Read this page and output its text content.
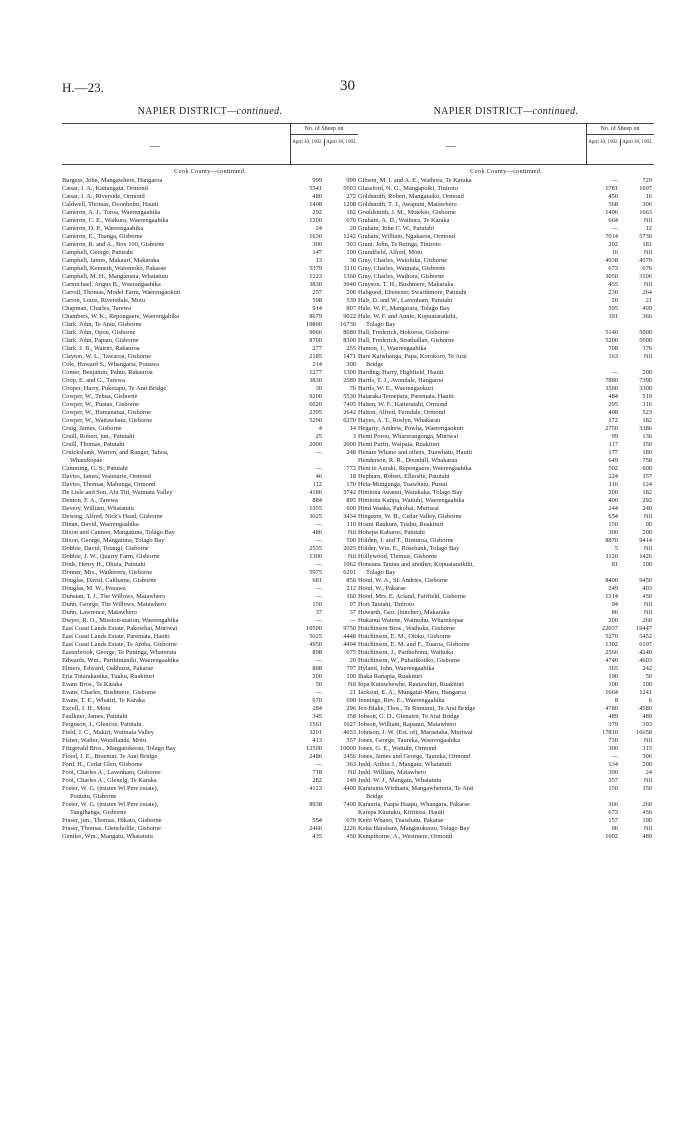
H.—23.	30
NAPIER DISTRICT—continued.
—
No. of Sheep on
April 30, 1902. April 30, 1903.
Cook County—continued.
Burgess, John, Mangawhere, Hangaroa	999	999
Cæsar, J. A., Kaitangata, Ormond	5541	5603
Cæsar, J. A., Riverside, Ormond	480	272
Caldwell, Thomas, Doonholm, Hauiti	1498	1208
Cameron, A. J., Toroa, Waerengaahika	292	182
Cameron, C. E., Waikura, Waerengaahika	1200	676
Cameron, D. P., Waerengaahika	24	20
Cameron, E., Toanga, Gisborne	1630	1242
Cameron, R. and A., Box 100, Gisborne	300	503
Campbell, George, Patutahi	147	100
Campbell, James, Makauri, Makaraka	13	38
Campbell, Kenneth, Waiomoko, Pakarae	5379	3116
Campbell, M. H., Mangamaia, Whatatutu	1223	1360
Carmichael, Angus B., Waerangaahika	3830	3940
Carroll, Thomas, Model Farm, Waerengaokuri	257	206
Carron, Louis, Riversdale, Motu	598	539
Chapman, Charles, Tarewa	914	807
Chambers, W. K., Repongaere, Waerengahika	8679	9022
Clark, John, Te Arau, Gisborne	19800	16730
Clark, John, Opou, Gisborne	9066	8680
Clark, John, Papatu, Gisborne	8700	8300
Clark, J. B., Wairiri, Rakauroa	277	255
Clayton, W. L., Tawaroa, Gisborne	2185	1471
Cole, Howard S., Whangaria, Pouawa	214	300
Comer, Benjamin, Pahui, Rakauroa	1277	1300
Coop, E. and G., Tarewa	3830	2589
Cooper, Harry, Puketapu, Te Arai Bridge	30	76
Cowper, W., Tehua, Gisborne	9200	5530
Cowper, W., Puatae, Gisborne	6020	7405
Cowper, W., Hamanatua, Gisborne	2395	2642
Cowper, W., Waitawhatu, Gisborne	5290	6270
Craig, James, Gisborne	4	14
Craill, Robert, jun., Patutahi	25	3
Craill, Thomas, Patutahi	2000	2000
Cruickshank, Warren, and Ranger, Tahoa,
Wharekopae
—	248
Cumming, G. S., Patutahi	—	772
Davies, James, Waimarie, Ormond	46	18
Davies, Thomas, Mahunga, Ormond	112	170
De Lisle and Son, Ahi Titi, Waimata Valley	4186	3742
Denton, F. A., Tarewa	884	895
Devery, William, Whatatutu	1355	600
Dewing, Alfred, Nick's Head, Gisborne	3025	3434
Dinan, David, Waerengaahika	—	110
Dixon and Cannon, Mangatuna, Tolago Bay	486	Nil
Dixon, George, Mangatuna, Tolago Bay	—	590
Dobbie, David, Totangi, Gisborne	2535	2025
Dobbie, J. W., Quarry Farm, Gisborne	1300	Nil
Dods, Henry H., Ohuia, Patutahi	—	1062
Donner, Mrs., Waikereru, Gisborne	5975	6291
Douglas, David, Calthame, Gisborne	681	856
Douglas, M. W., Pouawa	—	212
Dunstan, T. J., The Willows, Matawhero	—	160
Dunn, George, The Willows, Matawhero	150	97
Dunn, Lawrence, Matawhero	37	37
Dwyer, R. O., Mission-station, Waerengahika	—	—
East Coast Lands Estate, Pakowhai, Muriwai	10500	9750
East Coast Lands Estate, Paremata, Hauiti	5025	4448
East Coast Lands Estate, Te Aroha, Gisborne	4950	4494
Easterbrook, George, Te Puninga, Wharerata	898	675
Edwards, Wm., Parihimanihi, Waerengaahika	—	20
Elmers, Edward, Oakhurst, Pakarae	808	797
Eria Tutarakauika, Tuahu, Ruakituri	200	100
Evans Bros., Te Karaka	50	Nil
Evans, Charles, Bushmere, Gisborne	—	21
Evans, T. E., Whatiri, Te Karaka	670	690
Excell, J. H., Motu	184	296
Faulkner, James, Patutahi	345	358
Ferguson, J., Glencoe, Patutahi	1561	1627
Field, J. C., Makiri, Waimata Valley	3201	4033
Fisher, Walter, Woodlands, Motu	413	557
Fitzgerald Bros., Mangatokerau, Tolago Bay	12500	10000
Flood, J. E., Braemar, Te Arai Bridge	2486	2456
Ford, H., Cedar Glen, Gisborne	—	363
Foot, Charles A., Lavenham, Gisborne	718	Nil
Foot, Charles A., Glenelg, Te Karaka	282	149
Foster, W. G. (trustee Wi Pere estate),
Poututu, Gisborne
4123	4400
Foster, W. G. (trustee Wi Pere estate),
Tangihanga, Gisborne
8938	7400
Fraser, jun., Thomas, Hikato, Gisborne	554	679
Fraser, Thomas, Glencholile, Gisborne	2466	2226
Gentles, Wm., Mangatu, Whatatutu	435	450
NAPIER DISTRICT—continued.
—
No. of Sheep on
April 30, 1902. April 30, 1903.
Cook County—continued.
Gibson, M. I. and A. E., Waihora, Te Karaka	—	729
Glassford, N. G., Mangapoiki, Tiniroto	1781	1697
Goldsmith, Robert, Mangataiko, Ormond	450	16
Goldsmith, T. J., Awapuni, Matawhero	568	306
Gouldsmith, J. M., Motekio, Gisborne	1496	1663
Graham, A. D., Waihora, Te Karaka	664	Nil
Graham, John C. W., Patutahi	—	12
Graham, William, Ngakaroa, Ormond	7014	5730
Grant, John, Te Reinga, Tiniroto	202	181
Grandfield, Alfred, Motu	16	Nil
Gray, Charles, Waiohika, Gisborne	4938	4579
Gray, Charles, Waimata, Gisborne	673	676
Gray, Charles, Waihora, Gisborne	3050	3106
Grayson, T. H., Bushmere, Makaraka	455	Nil
Habgood, Ebenezer, Swarthmore, Patutahi	230	264
Hair, D. and W., Lavenham, Patutahi	20	21
Hale, W. F., Mangarara, Tolago Bay	595	499
Hale, W. F. and Annie, Kopuataraikihi,
Tolago Bay
391	366
Hall, Frederick, Hokoroa, Gisborne	5140	5000
Hall, Frederick, Strathallan, Gisborne	5200	5600
Hamon, J., Waerengaahika	708	376
Hare Kaiwhanga, Papa, Korokoro, Te Arai
Bridge
163	Nil
Harding, Harry, Highfield, Hauiti	—	200
Harris, T. J., Avondale, Hangaroa	7880	7390
Harris, W. E., Waerengaokuri	3500	3300
Hataraka Temepara, Paremata, Hauiti	484	519
Hatten, W. F., Kaiteratahi, Ormond	295	316
Hatton, Alfred, Ferndale, Ormond	498	523
Hayes, A. T., Roslyn, Whakarau	172	182
Hegarty, Andrew, Powha, Waerengaokuri	2750	3386
Hemi Porou, Wharerangonga, Muriwai	99	136
Hemi Puriri, Waipaia, Ruakituri	117	150
Henare Whano and others, Tuawhatu, Hauiti	177	180
Henderson, R. R., Doonhill, Whakarau	649	758
Heni te Auraki, Repongaere, Waerengaahika	502	600
Hepburn, Robert, Ellerslie, Patutahi	224	157
Heta-Mungunga, Tuawhatu, Pustai	116	124
Himiona Awanui, Waiukaka, Tolago Bay	200	182
Himiona Katipa, Waituhi, Waerengaahika	400	292
Himi Waaka, Pakohai, Muriwai	244	240
Hingston, W. B., Cedar Valley, Gisborne	654	Nil
Hoani Raukura, Tuahu, Ruakituri	150	90
Hohepa Kabaros, Patutahi	300	200
Holden, J. and T., Rimuroa, Gisborne	8870	9414
Holder, Wm. E., Rosebank, Tolago Bay	5	Nil
Hollywood, Thomas, Gisborne	1120	1426
Honeana Tautau and another, Kopuataraikihi,
Tolago Bay
81	100
Hood, W. A., St. Andries, Gisborne	8400	9450
Hood, W., Pakarae	249	403
Hood, Mrs. E. Acland, Fairfield, Gisborne	1314	450
Hori Tautahi, Tiniroto	94	Nil
Howarth, Geo. (butcher), Makaraka	86	Nil
Hukanui Watene, Waimohu, Wharekopae	200	260
Hutchinson Bros., Waihuka, Gisborne	22037	19447
Hutchinson, E. M., Otoko, Gisborne	5270	5452
Hutchinson, E. M. and F., Tuaroa, Gisborne	1302	6107
Hutchinson, J., Parihohonu, Waihuka	2566	4240
Hutchinson, W., Puhatikotiko, Gisborne	4740	4603
Hyland, John, Waerengaahika	365	242
Ihaka Ranapia, Ruakituri	190	50
Iopa Kurawhewhe, Rautawhiri, Ruakituri	100	100
Jackson, E. A., Mungatai-Maru, Hangaroa	1664	1241
Jennings, Rev. E., Waerengaahika	8	6
Jex-Blake, Thos., Te Rimunui, Te Arai Bridge	4780	4580
Jobson, G. D., Glenairn, Te Arai Bridge	489	489
Jobson, William, Rapanui, Matawhero	379	393
Johnson, J. W. (Est. of), Maraetaha, Muriwai	17810	16658
Jones, George, Taureka, Waerengaahika	730	Nil
Jones, G. E., Waituhi, Ormond	300	315
Jones, James and George, Taureka, Ormond	—	506
Judd, Arthur J., Mangatu, Whatatutu	134	200
Judd, William, Matawhero	390	24
Judd, W. J., Mangatu, Whatatutu	357	Nil
Kararaina Wirihana, Mangawhereria, Te Arai
Bridge
150	150
Karauria, Paapa Haapu, Whangara, Pakarae	366	260
Karepa Kautuku, Kiritiroa, Hauiti	673	456
Keeti Whano, Tuawhatu, Pakarae	157	190
Keita Harabara, Mangatokerau, Tolago Bay	96	Nil
Kempthorne, A., Westmere, Ormond	1002	489
